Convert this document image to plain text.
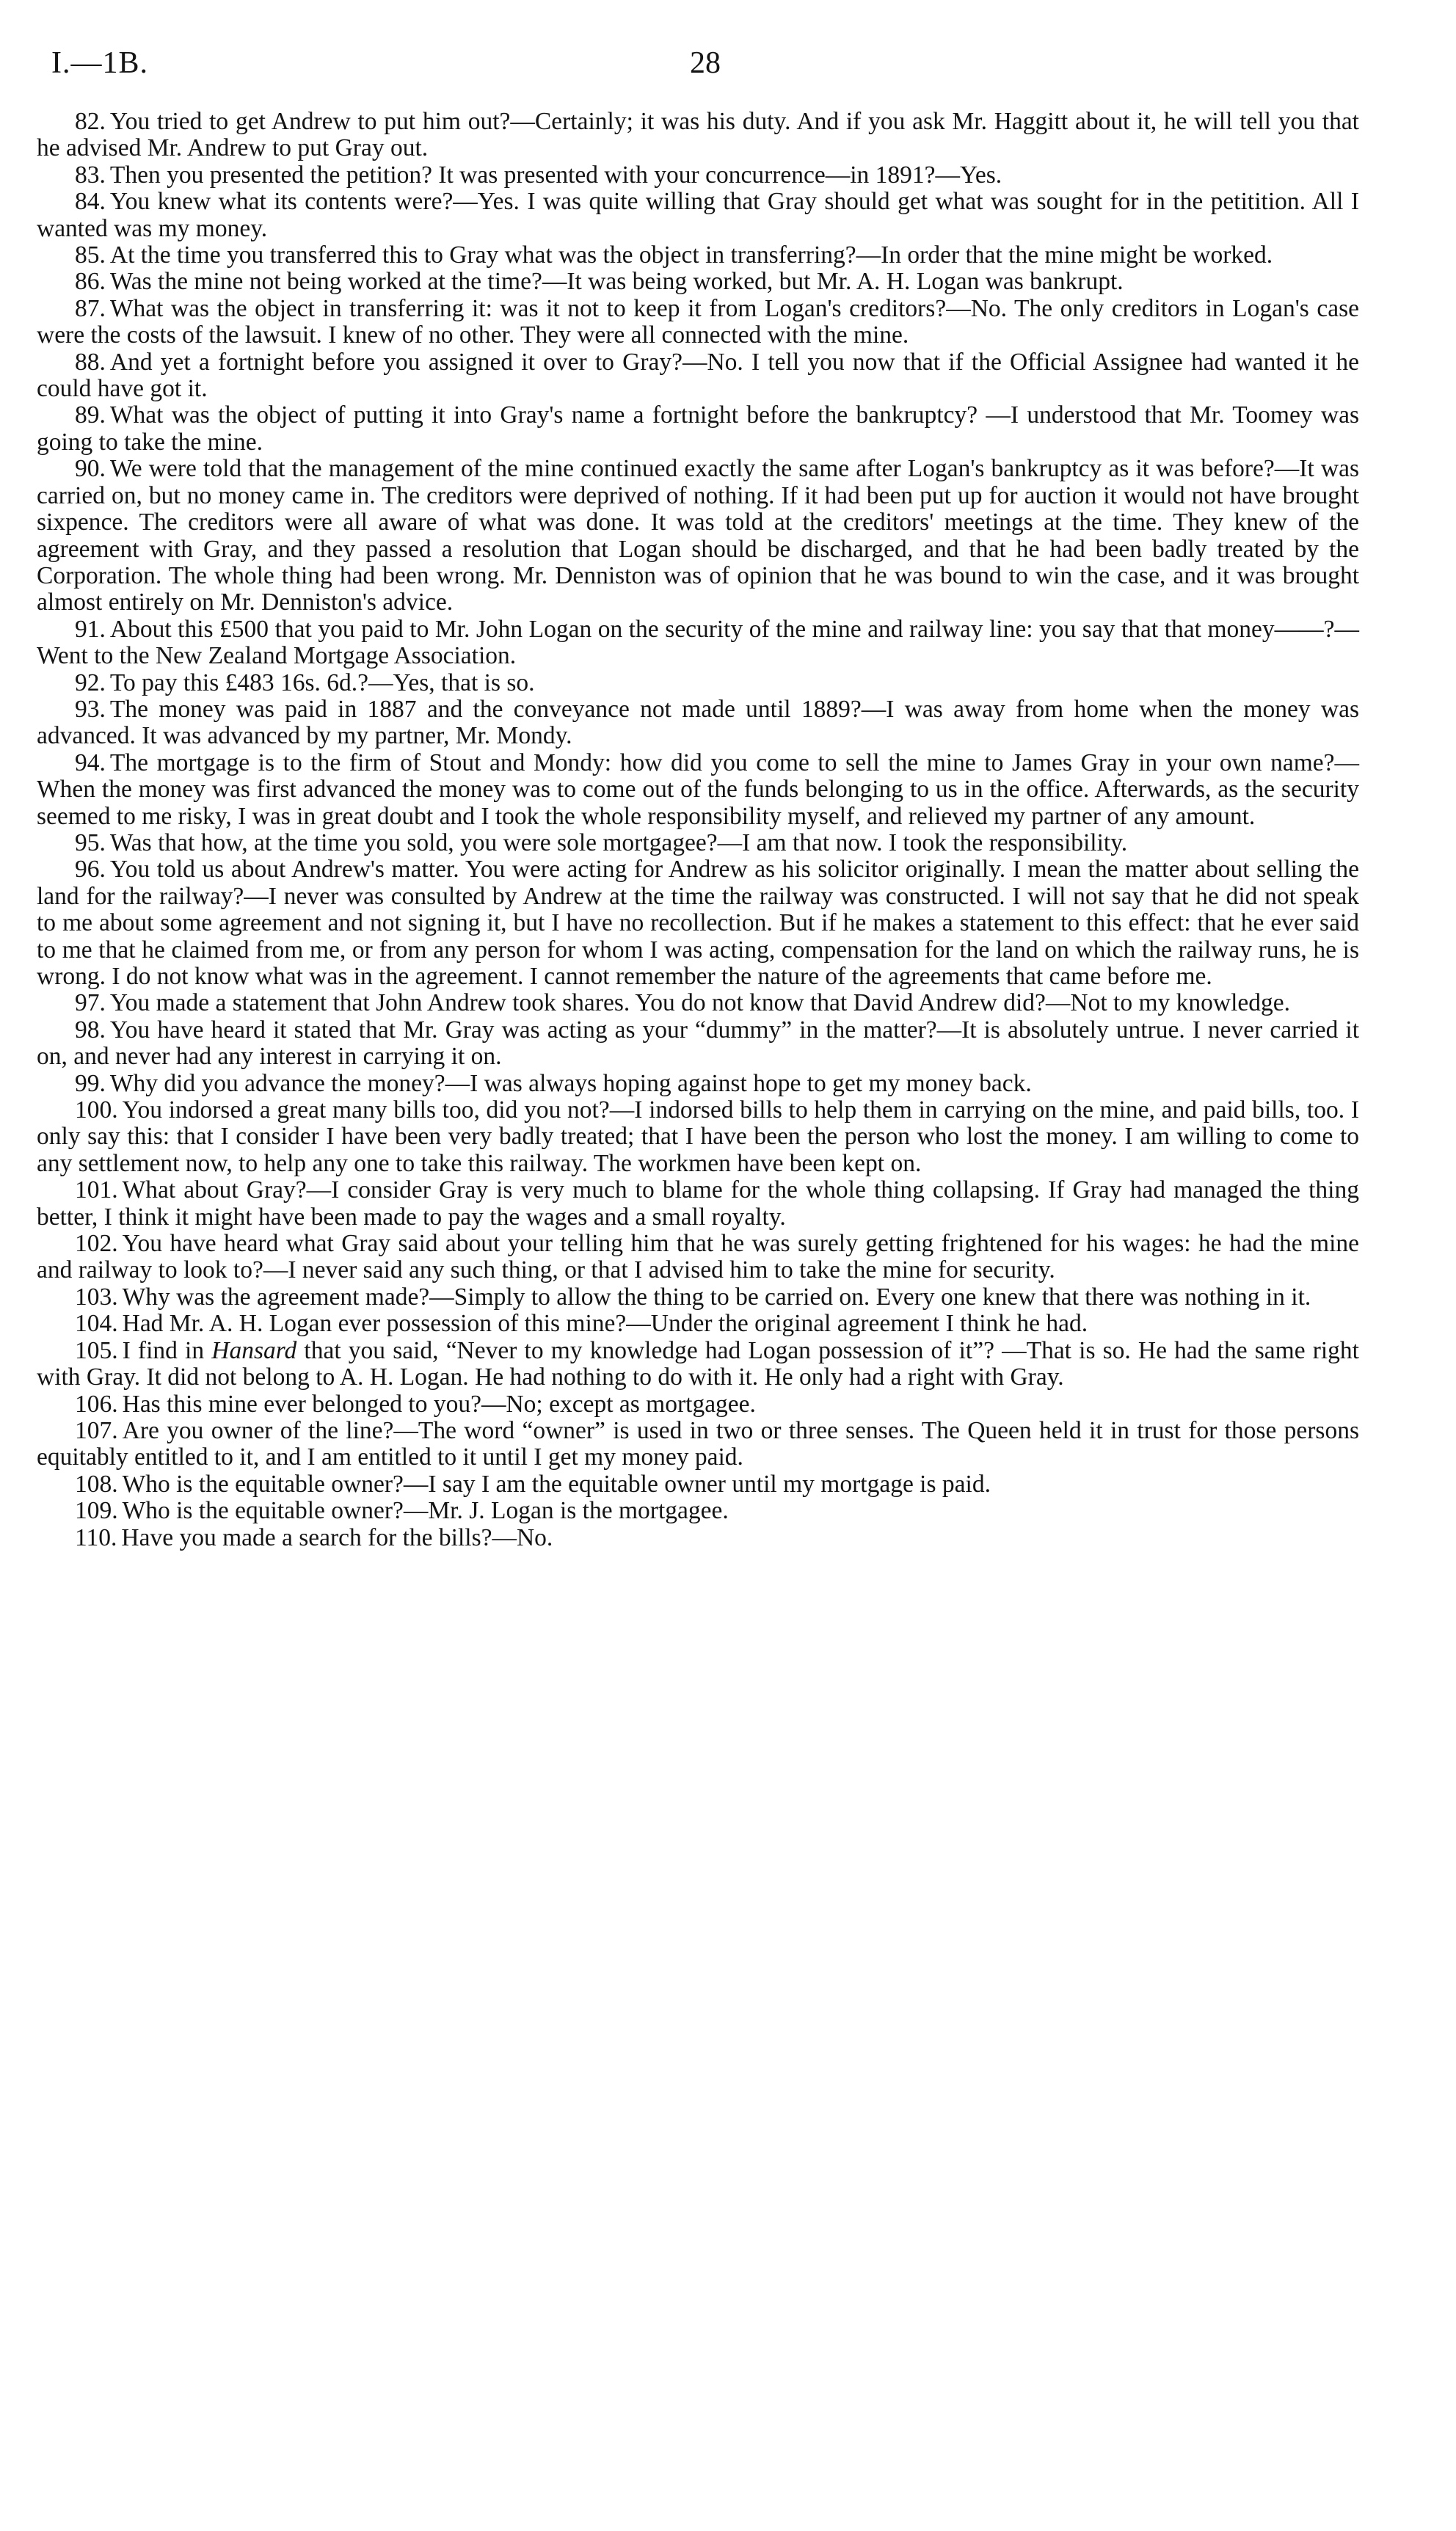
I.—1B.	28

82. You tried to get Andrew to put him out?—Certainly; it was his duty. And if you ask Mr. Haggitt about it, he will tell you that he advised Mr. Andrew to put Gray out.

83. Then you presented the petition? It was presented with your concurrence—in 1891?—Yes.

84. You knew what its contents were?—Yes. I was quite willing that Gray should get what was sought for in the petitition. All I wanted was my money.

85. At the time you transferred this to Gray what was the object in transferring?—In order that the mine might be worked.

86. Was the mine not being worked at the time?—It was being worked, but Mr. A. H. Logan was bankrupt.

87. What was the object in transferring it: was it not to keep it from Logan's creditors?—No. The only creditors in Logan's case were the costs of the lawsuit. I knew of no other. They were all connected with the mine.

88. And yet a fortnight before you assigned it over to Gray?—No. I tell you now that if the Official Assignee had wanted it he could have got it.

89. What was the object of putting it into Gray's name a fortnight before the bankruptcy? —I understood that Mr. Toomey was going to take the mine.

90. We were told that the management of the mine continued exactly the same after Logan's bankruptcy as it was before?—It was carried on, but no money came in. The creditors were deprived of nothing. If it had been put up for auction it would not have brought sixpence. The creditors were all aware of what was done. It was told at the creditors' meetings at the time. They knew of the agreement with Gray, and they passed a resolution that Logan should be discharged, and that he had been badly treated by the Corporation. The whole thing had been wrong. Mr. Denniston was of opinion that he was bound to win the case, and it was brought almost entirely on Mr. Denniston's advice.

91. About this £500 that you paid to Mr. John Logan on the security of the mine and railway line: you say that that money——?—Went to the New Zealand Mortgage Association.

92. To pay this £483 16s. 6d.?—Yes, that is so.

93. The money was paid in 1887 and the conveyance not made until 1889?—I was away from home when the money was advanced. It was advanced by my partner, Mr. Mondy.

94. The mortgage is to the firm of Stout and Mondy: how did you come to sell the mine to James Gray in your own name?—When the money was first advanced the money was to come out of the funds belonging to us in the office. Afterwards, as the security seemed to me risky, I was in great doubt and I took the whole responsibility myself, and relieved my partner of any amount.

95. Was that how, at the time you sold, you were sole mortgagee?—I am that now. I took the responsibility.

96. You told us about Andrew's matter. You were acting for Andrew as his solicitor originally. I mean the matter about selling the land for the railway?—I never was consulted by Andrew at the time the railway was constructed. I will not say that he did not speak to me about some agreement and not signing it, but I have no recollection. But if he makes a statement to this effect: that he ever said to me that he claimed from me, or from any person for whom I was acting, compensation for the land on which the railway runs, he is wrong. I do not know what was in the agreement. I cannot remember the nature of the agreements that came before me.

97. You made a statement that John Andrew took shares. You do not know that David Andrew did?—Not to my knowledge.

98. You have heard it stated that Mr. Gray was acting as your “dummy” in the matter?—It is absolutely untrue. I never carried it on, and never had any interest in carrying it on.

99. Why did you advance the money?—I was always hoping against hope to get my money back.

100. You indorsed a great many bills too, did you not?—I indorsed bills to help them in carrying on the mine, and paid bills, too. I only say this: that I consider I have been very badly treated; that I have been the person who lost the money. I am willing to come to any settlement now, to help any one to take this railway. The workmen have been kept on.

101. What about Gray?—I consider Gray is very much to blame for the whole thing collapsing. If Gray had managed the thing better, I think it might have been made to pay the wages and a small royalty.

102. You have heard what Gray said about your telling him that he was surely getting frightened for his wages: he had the mine and railway to look to?—I never said any such thing, or that I advised him to take the mine for security.

103. Why was the agreement made?—Simply to allow the thing to be carried on. Every one knew that there was nothing in it.

104. Had Mr. A. H. Logan ever possession of this mine?—Under the original agreement I think he had.

105. I find in Hansard that you said, “Never to my knowledge had Logan possession of it”? —That is so. He had the same right with Gray. It did not belong to A. H. Logan. He had nothing to do with it. He only had a right with Gray.

106. Has this mine ever belonged to you?—No; except as mortgagee.

107. Are you owner of the line?—The word “owner” is used in two or three senses. The Queen held it in trust for those persons equitably entitled to it, and I am entitled to it until I get my money paid.

108. Who is the equitable owner?—I say I am the equitable owner until my mortgage is paid.

109. Who is the equitable owner?—Mr. J. Logan is the mortgagee.

110. Have you made a search for the bills?—No.
